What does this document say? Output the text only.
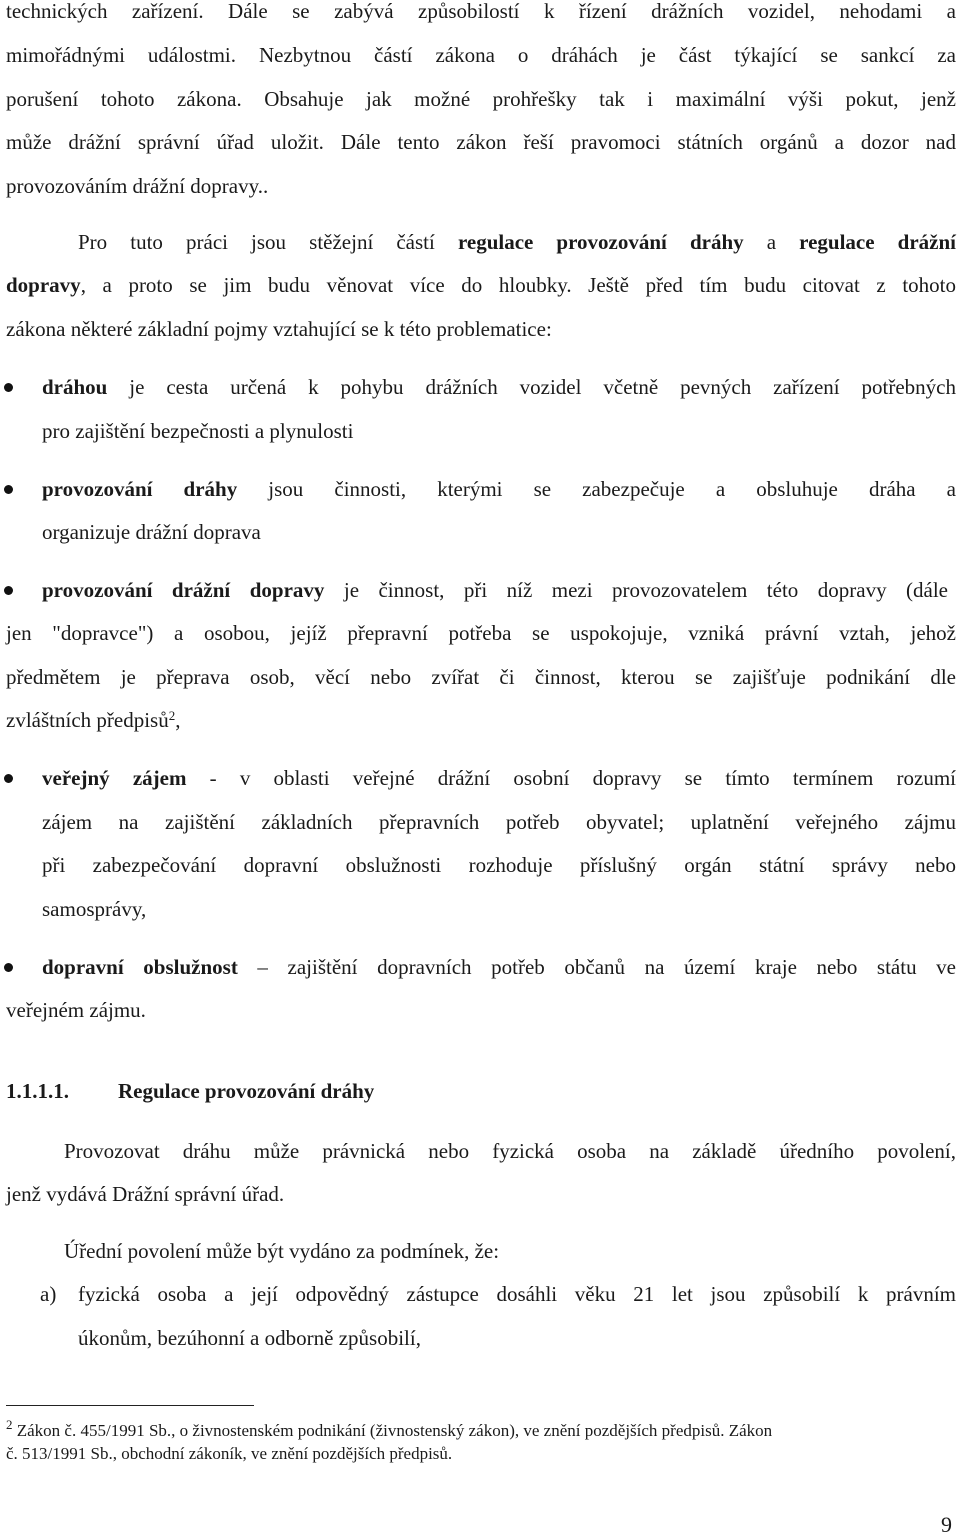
technických zařízení. Dále se zabývá způsobilostí k řízení drážních vozidel, nehodami a
mimořádnými událostmi. Nezbytnou částí zákona o dráhách je část týkající se sankcí za
porušení tohoto zákona. Obsahuje jak možné prohřešky tak i maximální výši pokut, jenž
může drážní správní úřad uložit. Dále tento zákon řeší pravomoci státních orgánů a dozor nad
provozováním drážní dopravy..
Pro tuto práci jsou stěžejní částí regulace provozování dráhy a regulace drážní
dopravy, a proto se jim budu věnovat více do hloubky. Ještě před tím budu citovat z tohoto
zákona některé základní pojmy vztahující se k této problematice:
dráhou je cesta určená k pohybu drážních vozidel včetně pevných zařízení potřebných
pro zajištění bezpečnosti a plynulosti
provozování dráhy jsou činnosti, kterými se zabezpečuje a obsluhuje dráha a
organizuje drážní doprava
provozování drážní dopravy je činnost, při níž mezi provozovatelem této dopravy (dále
jen "dopravce") a osobou, jejíž přepravní potřeba se uspokojuje, vzniká právní vztah, jehož
předmětem je přeprava osob, věcí nebo zvířat či činnost, kterou se zajišťuje podnikání dle
zvláštních předpisů$^2$,
veřejný zájem - v oblasti veřejné drážní osobní dopravy se tímto termínem rozumí
zájem na zajištění základních přepravních potřeb obyvatel; uplatnění veřejného zájmu
při zabezpečování dopravní obslužnosti rozhoduje příslušný orgán státní správy nebo
samosprávy,
dopravní obslužnost – zajištění dopravních potřeb občanů na území kraje nebo státu ve
veřejném zájmu.
1.1.1.1.	Regulace provozování dráhy
Provozovat dráhu může právnická nebo fyzická osoba na základě úředního povolení,
jenž vydává Drážní správní úřad.
Úřední povolení může být vydáno za podmínek, že:
a)	fyzická osoba a její odpovědný zástupce dosáhli věku 21 let jsou způsobilí k právním
úkonům, bezúhonní a odborně způsobilí,
$^2$ Zákon č. 455/1991 Sb., o živnostenském podnikání (živnostenský zákon), ve znění pozdějších předpisů. Zákon
č. 513/1991 Sb., obchodní zákoník, ve znění pozdějších předpisů.
9
